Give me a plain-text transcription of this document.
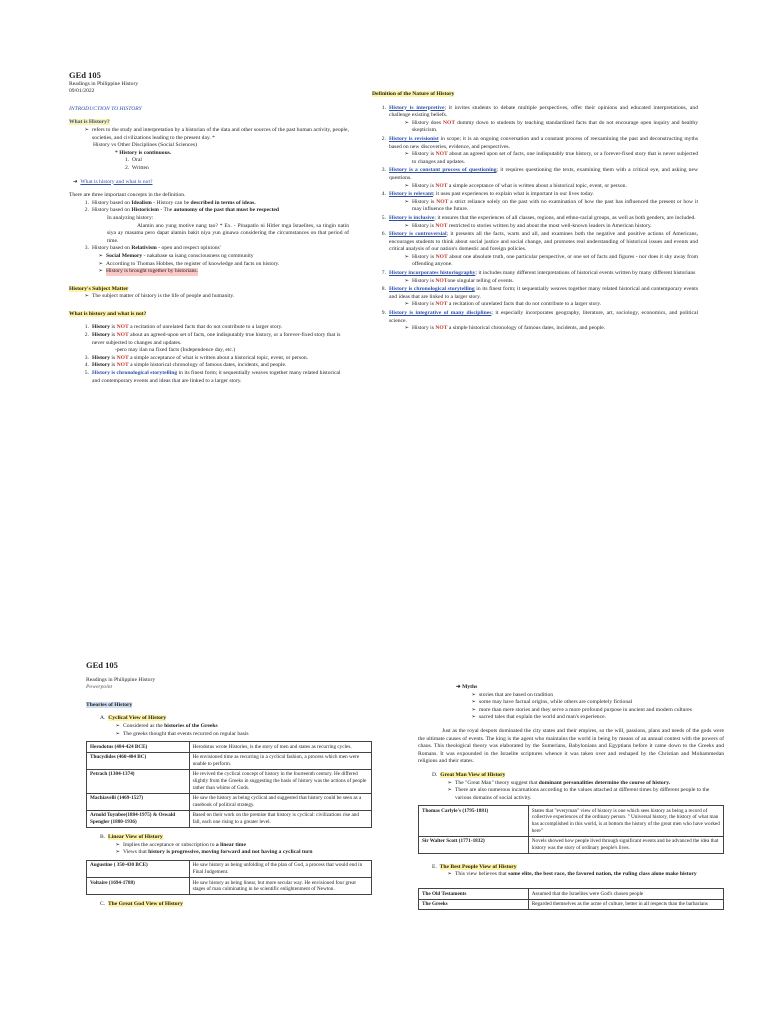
GEd 105
Readings in Philippine History
09/01/2022
INTRODUCTION TO HISTORY
What is History?
➢ refers to the study and interpretation by a historian of the data and other sources of the past human activity, people, societies, and civilizations leading to the present day. *
History vs Other Disciplines (Social Sciences)
* History is continuous.
1.  Oral
2.  Written
➔ What is history and what is not?
There are three important concepts in the definition.
1. History based on Idealism - History can be described in terms of ideas.
2. History based on Historicism - The autonomy of the past that must be respected
In analyzing history:
Alamin ano yung motive nang tao? * Ex. - Pinapatlo ni Hitler mga Israelites, sa tingin natin siya ay masama pero dapat alamin bakit niya yun ginawa considering the circumstances on that period of time.
3. History based on Relativism - open and respect opinions'
➢ Social Memory - nakabase sa isang consciousness ng community
➢ According to Thomas Hobbes, the register of knowledge and facts on history.
➢ History is brought together by historians.
History's Subject Matter
➢ The subject matter of history is the life of people and humanity.
What is history and what is not?
1. History is NOT a recitation of unrelated facts that do not contribute to a larger story.
2. History is NOT about an agreed-upon set of facts, one indisputably true history, or a forever-fixed story that is never subjected to changes and updates.
-pero may ilan na fixed facts (Independence day, etc.)
3. History is NOT a simple acceptance of what is written about a historical topic, event, or person.
4. History is NOT a simple historical chronology of famous dates, incidents, and people.
5. History is chronological storytelling in its finest form; it sequentially weaves together many related historical and contemporary events and ideas that are linked to a larger story.
Definition of the Nature of History
1. History is interpretive; it invites students to debate multiple perspectives, offer their opinions and educated interpretations, and challenge existing beliefs.
➢ History does NOT dummy down to students by teaching standardized facts that do not encourage open inquiry and healthy skepticism.
2. History is revisionist in scope; it is an ongoing conversation and a constant process of reexamining the past and deconstructing myths based on new discoveries, evidence, and perspectives.
➢ History is NOT about an agreed upon set of facts, one indisputably true history, or a forever-fixed story that is never subjected to changes and updates.
3. History is a constant process of questioning; it requires questioning the texts, examining them with a critical eye, and asking new questions.
➢ History is NOT a simple acceptance of what is written about a historical topic, event, or person.
4. History is relevant; it uses past experiences to explain what is important in our lives today.
➢ History is NOT a strict reliance solely on the past with no examination of how the past has influenced the present or how it may influence the future.
5. History is inclusive; it ensures that the experiences of all classes, regions, and ethno-racial groups, as well as both genders, are included.
➢ History is NOT restricted to stories written by and about the most well-known leaders in American history.
6. History is controversial; it presents all the facts, warts and all, and examines both the negative and positive actions of Americans, encourages students to think about social justice and social change, and promotes real understanding of historical issues and events and critical analysis of our nation's domestic and foreign policies.
➢ History is NOT about one absolute truth, one particular perspective, or one set of facts and figures - nor does it shy away from offending anyone.
7. History incorporates historiography; it includes many different interpretations of historical events written by many different historians
➢ History is NOTone singular telling of events.
8. History is chronological storytelling in its finest form; it sequentially weaves together many related historical and contemporary events and ideas that are linked to a larger story.
➢ History is NOT a recitation of unrelated facts that do not contribute to a larger story.
9. History is integrative of many disciplines; it especially incorporates geography, literature, art, sociology, economics, and political science.
➢ History is NOT a simple historical chronology of famous dates, incidents, and people.
GEd 105
Readings in Philippine History
Powerpoint
Theories of History
A. Cyclical View of History
➢ Considered as the histories of the Greeks
➢ The greeks thought that events recurred on regular basis
Herodotus (484-424 BCE)	Herodotus wrote Histories, is the story of men and states as recurring cycles.
Thucydides (460-404 BC)	He envisioned time as recurring in a cyclical fashion, a process which men were unable to perform.
Petrach (1304-1374)	He revived the cyclical concept of history in the fourteenth century. He differed slightly from the Greeks in suggesting the basis of history was the actions of people rather than whims of Gods.
Machiavelli (1469-1527)	He saw the history as being cyclical and suggested that history could be seen as a casebook of political strategy.
Arnold Toynbee(1884-1975) & Oswald Spengler (1880-1936)	Based on their work on the premise that history is cyclical: civilizations rise and fall, each one rising to a greater level.
B. Linear View of History
➢ Implies the acceptance or subscription to a linear time
➢ Views that history is progressive, moving forward and not having a cyclical turn
Augustine ( 350-430 BCE)	He saw history as being unfolding of the plan of God, a process that would end in Final Judgement.
Voltaire (1694-1788)	He saw history as being linear, but more secular way. He envisioned four great stages of man culminating in he scientific enlightenment of Newton.
C. The Great God View of History
➔ Myths
➢ stories that are based on tradition
➢ some may have factual origins, while others are completely fictional
➢ more than mere stories and they serve a more profound purpose in ancient and modern cultures
➢ sacred tales that explain the world and man's experience.
Just as the royal despots dominated the city states and their empires, so the will, passions, plans and needs of the gods were the ultimate causes of events. The king is the agent who maintains the world in being by means of an annual contest with the powers of chaos. This theological theory was elaborated by the Sumerians, Babylonians and Egyptians before it came down to the Greeks and Romans. It was expounded in the Israelite scriptures whence it was taken over and reshaped by the Christian and Mohammedan religions and their states.
D. Great Man View of History
➢ The "Great Man" theory suggest that dominant personalities determine the course of history.
➢ There are also numerous incarnations according to the values attached at different times by different people to the various domains of social activity.
Thomas Carlyle's (1795-1881)	States that "everyman" view of history is one which sees history as being a record of collective experiences of the ordinary person. " Universal history, the history of what man has accomplished in this world, is at bottom the history of the great men who have worked here"
Sir Walter Scott (1771-1832)	Novels showed how people lived through significant events and he advanced the idea that history was the story of ordinary people's lives.
E. The Best People View of History
➢ This view believes that some elite, the best race, the favored nation, the ruling class alone make history
The Old Testaments	Assumed that the Israelites were God's chosen people
The Greeks	Regarded themselves as the acme of culture, better in all respects than the barbarians
